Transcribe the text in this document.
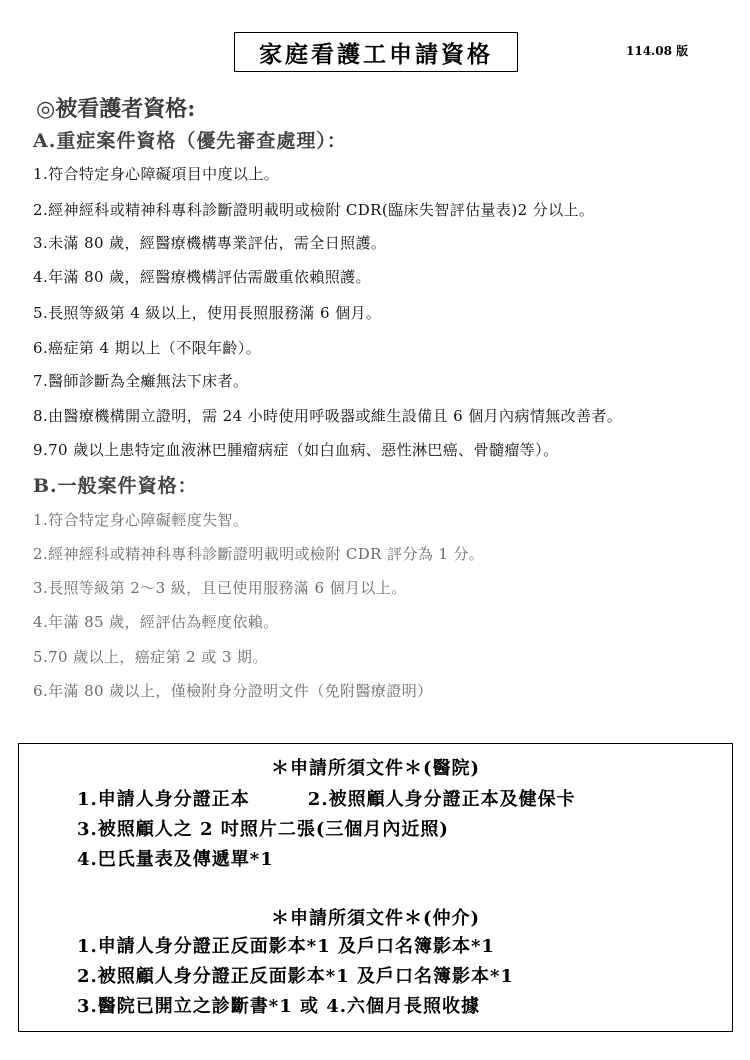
家庭看護工申請資格	114.08 版
◎被看護者資格:
A.重症案件資格（優先審查處理）：
1.符合特定身心障礙項目中度以上。
2.經神經科或精神科專科診斷證明載明或檢附 CDR(臨床失智評估量表)2 分以上。
3.未滿 80 歲，經醫療機構專業評估，需全日照護。
4.年滿 80 歲，經醫療機構評估需嚴重依賴照護。
5.長照等級第 4 級以上，使用長照服務滿 6 個月。
6.癌症第 4 期以上（不限年齡）。
7.醫師診斷為全癱無法下床者。
8.由醫療機構開立證明，需 24 小時使用呼吸器或維生設備且 6 個月內病情無改善者。
9.70 歲以上患特定血液淋巴腫瘤病症（如白血病、惡性淋巴癌、骨髓瘤等）。
B.一般案件資格：
1.符合特定身心障礙輕度失智。
2.經神經科或精神科專科診斷證明載明或檢附 CDR 評分為 1 分。
3.長照等級第 2～3 級，且已使用服務滿 6 個月以上。
4.年滿 85 歲，經評估為輕度依賴。
5.70 歲以上，癌症第 2 或 3 期。
6.年滿 80 歲以上，僅檢附身分證明文件（免附醫療證明）
＊申請所須文件＊(醫院)
1.申請人身分證正本	2.被照顧人身分證正本及健保卡
3.被照顧人之 2 吋照片二張(三個月內近照)
4.巴氏量表及傳遞單*1
＊申請所須文件＊(仲介)
1.申請人身分證正反面影本*1 及戶口名簿影本*1
2.被照顧人身分證正反面影本*1 及戶口名簿影本*1
3.醫院已開立之診斷書*1 或 4.六個月長照收據
